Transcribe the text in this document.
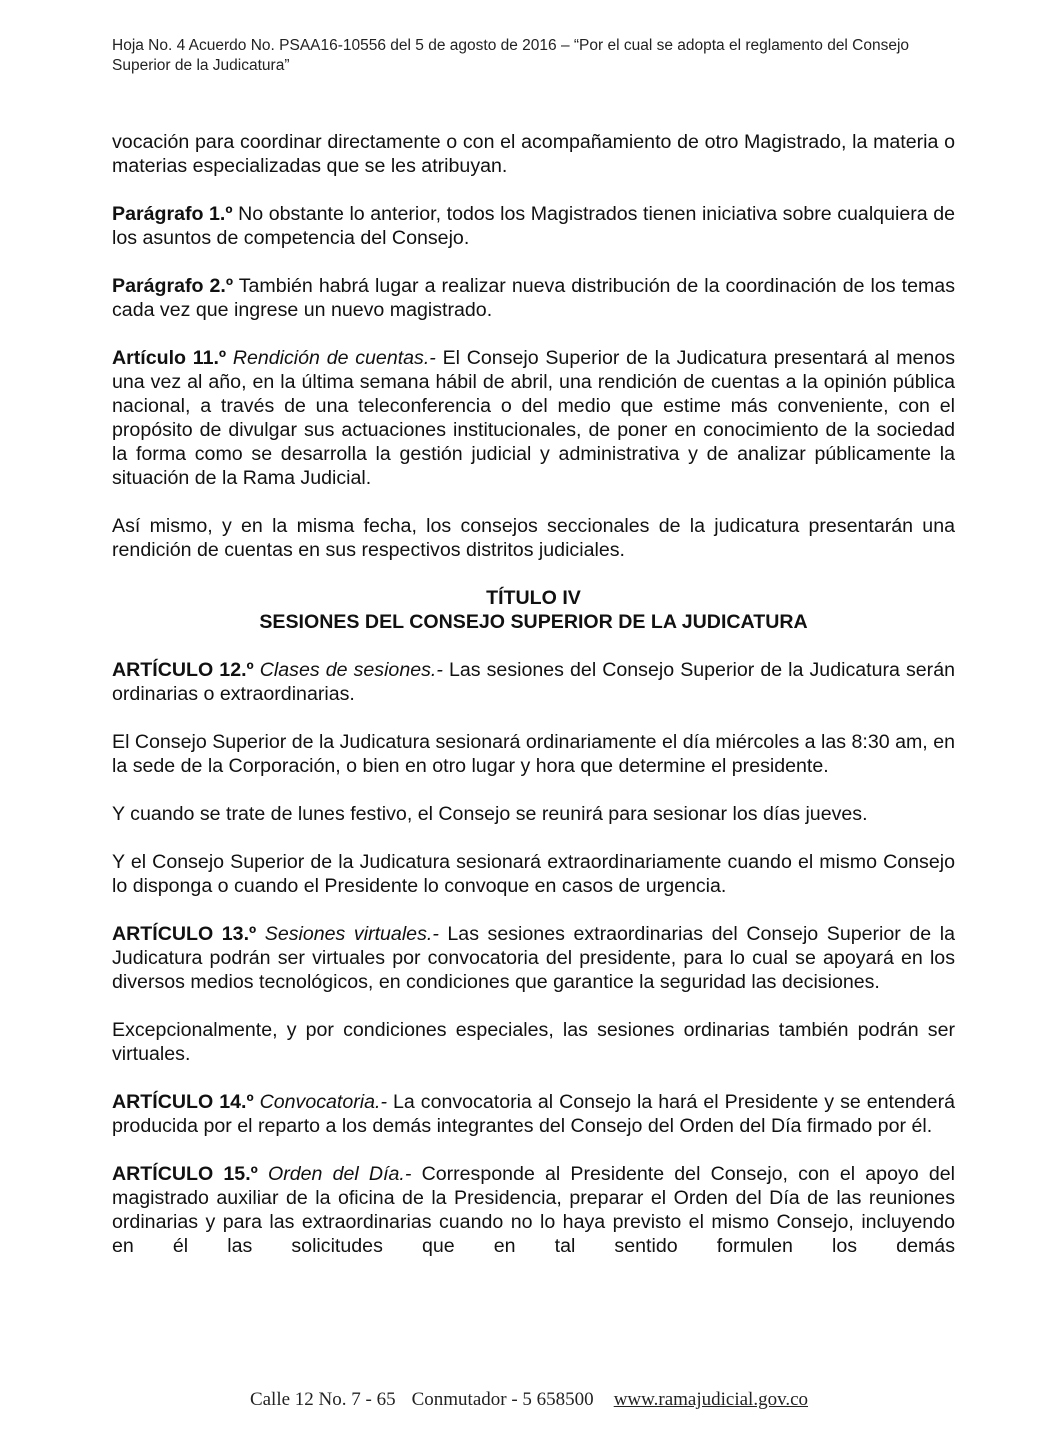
Hoja No. 4 Acuerdo No. PSAA16-10556 del 5 de agosto de 2016 – “Por el cual se adopta el reglamento del Consejo Superior de la Judicatura”

vocación para coordinar directamente o con el acompañamiento de otro Magistrado, la materia o materias especializadas que se les atribuyan.

Parágrafo 1.º No obstante lo anterior, todos los Magistrados tienen iniciativa sobre cualquiera de los asuntos de competencia del Consejo.

Parágrafo 2.º También habrá lugar a realizar nueva distribución de la coordinación de los temas cada vez que ingrese un nuevo magistrado.

Artículo 11.º Rendición de cuentas.- El Consejo Superior de la Judicatura presentará al menos una vez al año, en la última semana hábil de abril, una rendición de cuentas a la opinión pública nacional, a través de una teleconferencia o del medio que estime más conveniente, con el propósito de divulgar sus actuaciones institucionales, de poner en conocimiento de la sociedad la forma como se desarrolla la gestión judicial y administrativa y de analizar públicamente la situación de la Rama Judicial.

Así mismo, y en la misma fecha, los consejos seccionales de la judicatura presentarán una rendición de cuentas en sus respectivos distritos judiciales.

TÍTULO IV
SESIONES DEL CONSEJO SUPERIOR DE LA JUDICATURA

ARTÍCULO 12.º Clases de sesiones.- Las sesiones del Consejo Superior de la Judicatura serán ordinarias o extraordinarias.

El Consejo Superior de la Judicatura sesionará ordinariamente el día miércoles a las 8:30 am, en la sede de la Corporación, o bien en otro lugar y hora que determine el presidente.

Y cuando se trate de lunes festivo, el Consejo se reunirá para sesionar los días jueves.

Y el Consejo Superior de la Judicatura sesionará extraordinariamente cuando el mismo Consejo lo disponga o cuando el Presidente lo convoque en casos de urgencia.

ARTÍCULO 13.º Sesiones virtuales.- Las sesiones extraordinarias del Consejo Superior de la Judicatura podrán ser virtuales por convocatoria del presidente, para lo cual se apoyará en los diversos medios tecnológicos, en condiciones que garantice la seguridad las decisiones.

Excepcionalmente, y por condiciones especiales, las sesiones ordinarias también podrán ser virtuales.

ARTÍCULO 14.º Convocatoria.- La convocatoria al Consejo la hará el Presidente y se entenderá producida por el reparto a los demás integrantes del Consejo del Orden del Día firmado por él.

ARTÍCULO 15.º Orden del Día.- Corresponde al Presidente del Consejo, con el apoyo del magistrado auxiliar de la oficina de la Presidencia, preparar el Orden del Día de las reuniones ordinarias y para las extraordinarias cuando no lo haya previsto el mismo Consejo, incluyendo en él las solicitudes que en tal sentido formulen los demás

Calle 12 No. 7 - 65 Conmutador - 5 658500 www.ramajudicial.gov.co
